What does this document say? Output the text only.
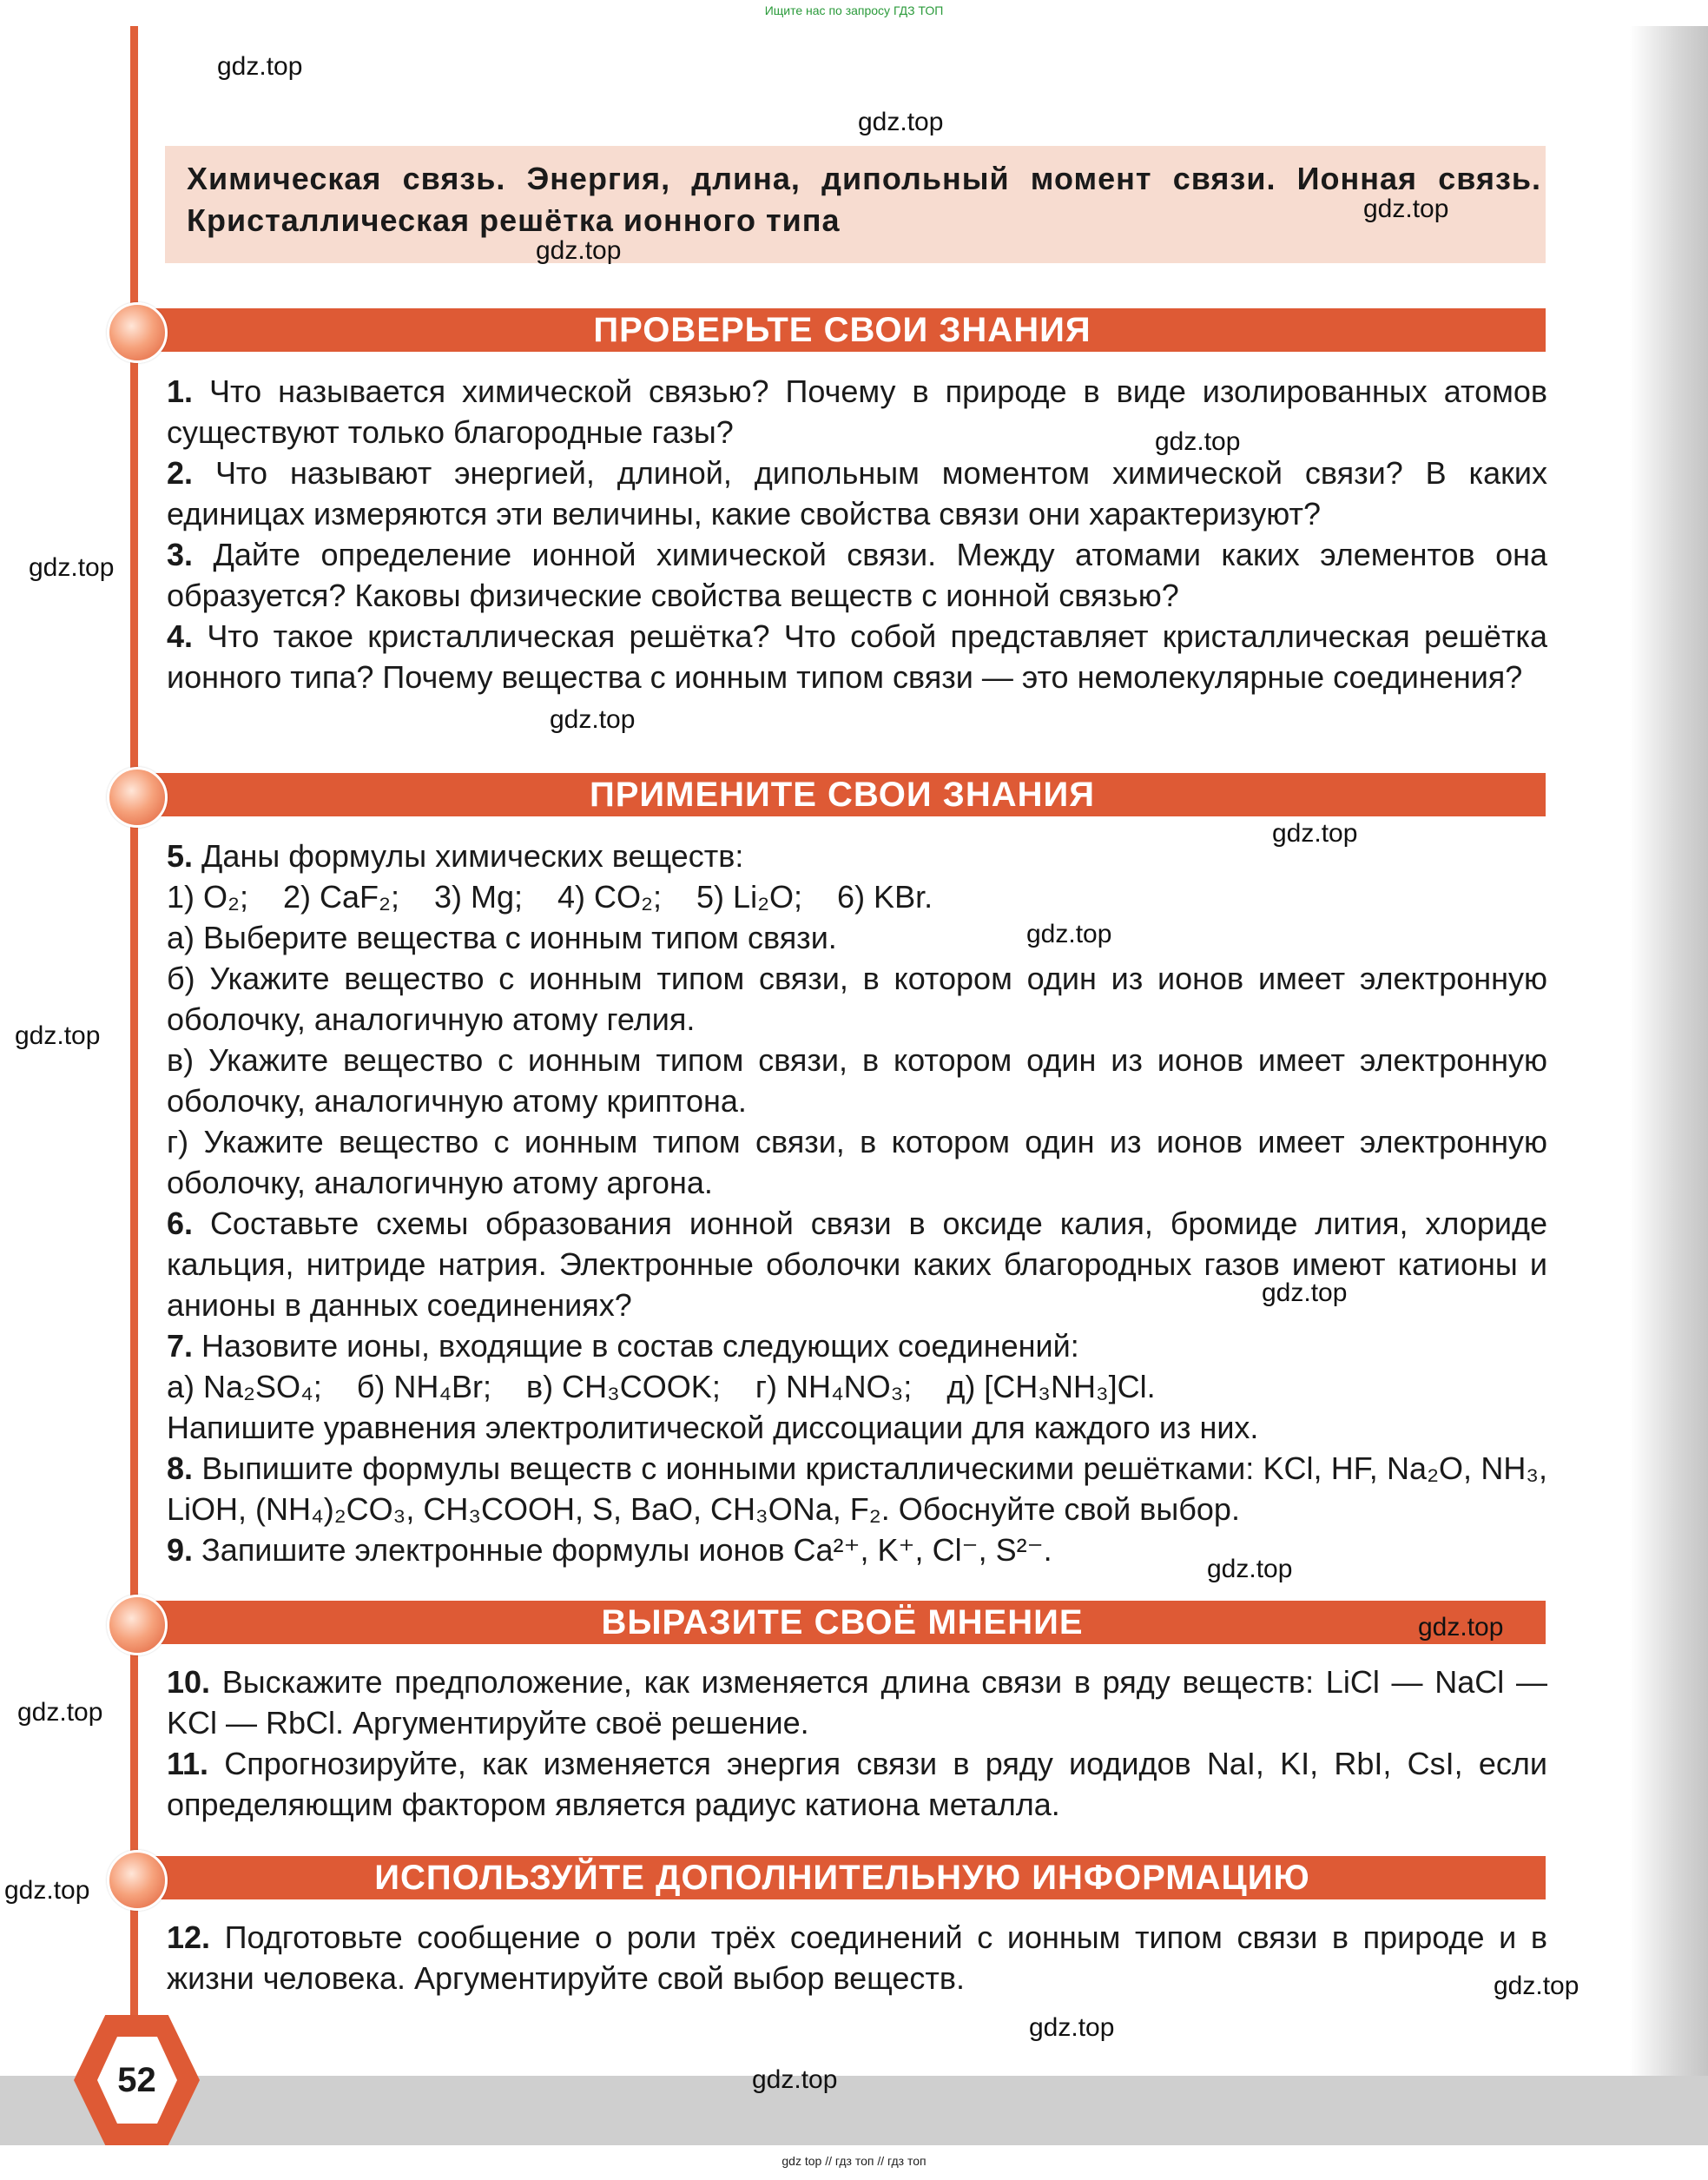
Ищите нас по запросу ГДЗ ТОП
Химическая связь. Энергия, длина, дипольный момент связи. Ионная связь. Кристаллическая решётка ионного типа
ПРОВЕРЬТЕ СВОИ ЗНАНИЯ

1. Что называется химической связью? Почему в природе в виде изолированных атомов существуют только благородные газы?

2. Что называют энергией, длиной, дипольным моментом химической связи? В каких единицах измеряются эти величины, какие свойства связи они характеризуют?

3. Дайте определение ионной химической связи. Между атомами каких элементов она образуется? Каковы физические свойства веществ с ионной связью?

4. Что такое кристаллическая решётка? Что собой представляет кристаллическая решётка ионного типа? Почему вещества с ионным типом связи — это немолекулярные соединения?

ПРИМЕНИТЕ СВОИ ЗНАНИЯ

5. Даны формулы химических веществ:

1) O₂;    2) CaF₂;    3) Mg;    4) CO₂;    5) Li₂O;    6) KBr.

а) Выберите вещества с ионным типом связи.

б) Укажите вещество с ионным типом связи, в котором один из ионов имеет электронную оболочку, аналогичную атому гелия.

в) Укажите вещество с ионным типом связи, в котором один из ионов имеет электронную оболочку, аналогичную атому криптона.

г) Укажите вещество с ионным типом связи, в котором один из ионов имеет электронную оболочку, аналогичную атому аргона.

6. Составьте схемы образования ионной связи в оксиде калия, бромиде лития, хлориде кальция, нитриде натрия. Электронные оболочки каких благородных газов имеют катионы и анионы в данных соединениях?

7. Назовите ионы, входящие в состав следующих соединений:

а) Na₂SO₄;    б) NH₄Br;    в) CH₃COOK;    г) NH₄NO₃;    д) [CH₃NH₃]Cl.

Напишите уравнения электролитической диссоциации для каждого из них.

8. Выпишите формулы веществ с ионными кристаллическими решётками: KCl, HF, Na₂O, NH₃, LiOH, (NH₄)₂CO₃, CH₃COOH, S, BaO, CH₃ONa, F₂. Обоснуйте свой выбор.

9. Запишите электронные формулы ионов Ca²⁺, K⁺, Cl⁻, S²⁻.

ВЫРАЗИТЕ СВОЁ МНЕНИЕ

10. Выскажите предположение, как изменяется длина связи в ряду веществ: LiCl — NaCl — KCl — RbCl. Аргументируйте своё решение.

11. Спрогнозируйте, как изменяется энергия связи в ряду иодидов NaI, KI, RbI, CsI, если определяющим фактором является радиус катиона металла.

ИСПОЛЬЗУЙТЕ ДОПОЛНИТЕЛЬНУЮ ИНФОРМАЦИЮ

12. Подготовьте сообщение о роли трёх соединений с ионным типом связи в природе и в жизни человека. Аргументируйте свой выбор веществ.

52
gdz.top
gdz.top
gdz.top
gdz.top
gdz.top
gdz.top
gdz.top
gdz.top
gdz.top
gdz.top
gdz.top
gdz.top
gdz.top
gdz.top
gdz.top
gdz.top
gdz.top
gdz.top
gdz top // гдз топ // гдз топ
